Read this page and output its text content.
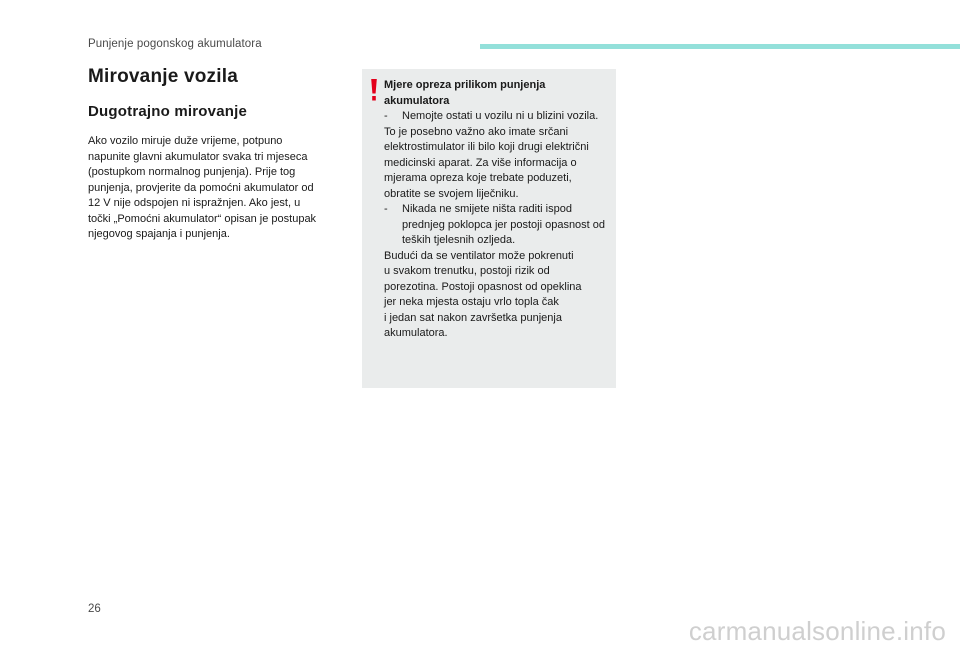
Punjenje pogonskog akumulatora
Mirovanje vozila
Dugotrajno mirovanje
Ako vozilo miruje duže vrijeme, potpuno
napunite glavni akumulator svaka tri mjeseca
(postupkom normalnog punjenja). Prije tog
punjenja, provjerite da pomoćni akumulator od
12 V nije odspojen ni ispražnjen. Ako jest, u
točki „Pomoćni akumulator“ opisan je postupak
njegovog spajanja i punjenja.
Mjere opreza prilikom punjenja akumulatora
- Nemojte ostati u vozilu ni u blizini vozila.
To je posebno važno ako imate srčani
elektrostimulator ili bilo koji drugi električni
medicinski aparat. Za više informacija o
mjerama opreza koje trebate poduzeti,
obratite se svojem liječniku.
- Nikada ne smijete ništa raditi ispod prednjeg poklopca jer postoji opasnost od teških tjelesnih ozljeda.
Budući da se ventilator može pokrenuti
u svakom trenutku, postoji rizik od
porezotina. Postoji opasnost od opeklina
jer neka mjesta ostaju vrlo topla čak
i jedan sat nakon završetka punjenja
akumulatora.
26
carmanualsonline.info
